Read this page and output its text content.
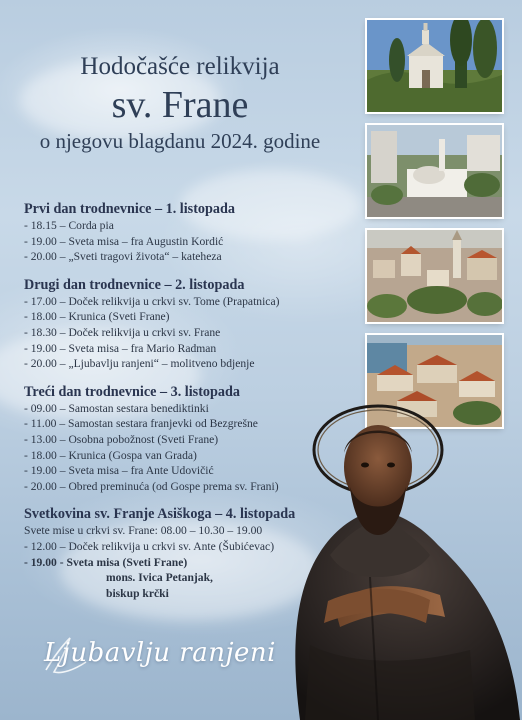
Hodočašće relikvija
sv. Frane
o njegovu blagdanu 2024. godine
Prvi dan trodnevnice – 1. listopada
- 18.15 – Corda pia
- 19.00 – Sveta misa – fra Augustin Kordić
- 20.00 – „Sveti tragovi života“ – kateheza
Drugi dan trodnevnice – 2. listopada
- 17.00 – Doček relikvija u crkvi sv. Tome (Prapatnica)
- 18.00 – Krunica (Sveti Frane)
- 18.30 – Doček relikvija u crkvi sv. Frane
- 19.00 – Sveta misa – fra Mario Radman
- 20.00 – „Ljubavlju ranjeni“ – molitveno bdjenje
Treći dan trodnevnice – 3. listopada
- 09.00 – Samostan sestara benediktinki
- 11.00 – Samostan sestara franjevki od Bezgrešne
- 13.00 – Osobna pobožnost (Sveti Frane)
- 18.00 – Krunica (Gospa van Grada)
- 19.00 – Sveta misa – fra Ante Udovičić
- 20.00 – Obred preminuća (od Gospe prema sv. Frani)
Svetkovina sv. Franje Asiškoga – 4. listopada
Svete mise u crkvi sv. Frane: 08.00 – 10.30 – 19.00
- 12.00 – Doček relikvija u crkvi sv. Ante (Šubićevac)
- 19.00 - Sveta misa (Sveti Frane)
mons. Ivica Petanjak,
biskup krčki
Ljubavlju ranjeni
